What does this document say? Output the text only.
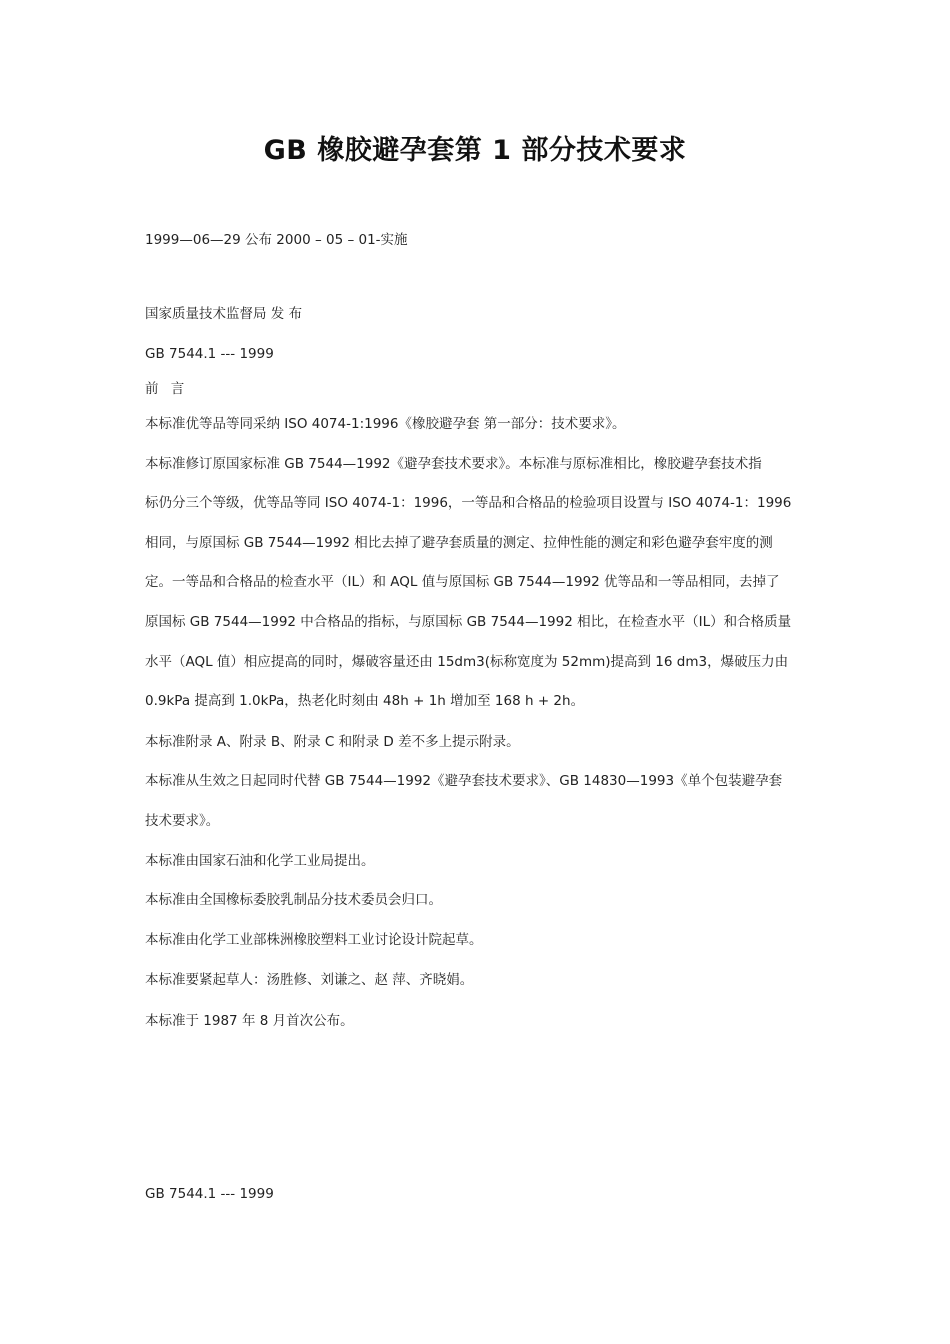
GB 橡胶避孕套第 1 部分技术要求

1999—06—29 公布 2000 – 05 – 01-实施

国家质量技术监督局 发 布

GB 7544.1 --- 1999

前 言

本标准优等品等同采纳 ISO 4074-1:1996《橡胶避孕套 第一部分：技术要求》。

本标准修订原国家标准 GB 7544—1992《避孕套技术要求》。本标准与原标准相比，橡胶避孕套技术指

标仍分三个等级，优等品等同 ISO 4074-1：1996，一等品和合格品的检验项目设置与 ISO 4074-1：1996

相同，与原国标 GB 7544—1992 相比去掉了避孕套质量的测定、拉伸性能的测定和彩色避孕套牢度的测

定。一等品和合格品的检查水平（IL）和 AQL 值与原国标 GB 7544—1992 优等品和一等品相同，去掉了

原国标 GB 7544—1992 中合格品的指标，与原国标 GB 7544—1992 相比，在检查水平（IL）和合格质量

水平（AQL 值）相应提高的同时，爆破容量还由 15dm3(标称宽度为 52mm)提高到 16 dm3，爆破压力由

0.9kPa 提高到 1.0kPa，热老化时刻由 48h + 1h 增加至 168 h + 2h。

本标准附录 A、附录 B、附录 C 和附录 D 差不多上提示附录。

本标准从生效之日起同时代替 GB 7544—1992《避孕套技术要求》、GB 14830—1993《单个包装避孕套

技术要求》。

本标准由国家石油和化学工业局提出。

本标准由全国橡标委胶乳制品分技术委员会归口。

本标准由化学工业部株洲橡胶塑料工业讨论设计院起草。

本标准要紧起草人：汤胜修、刘谦之、赵 萍、齐晓娟。

本标准于 1987 年 8 月首次公布。

GB 7544.1 --- 1999
